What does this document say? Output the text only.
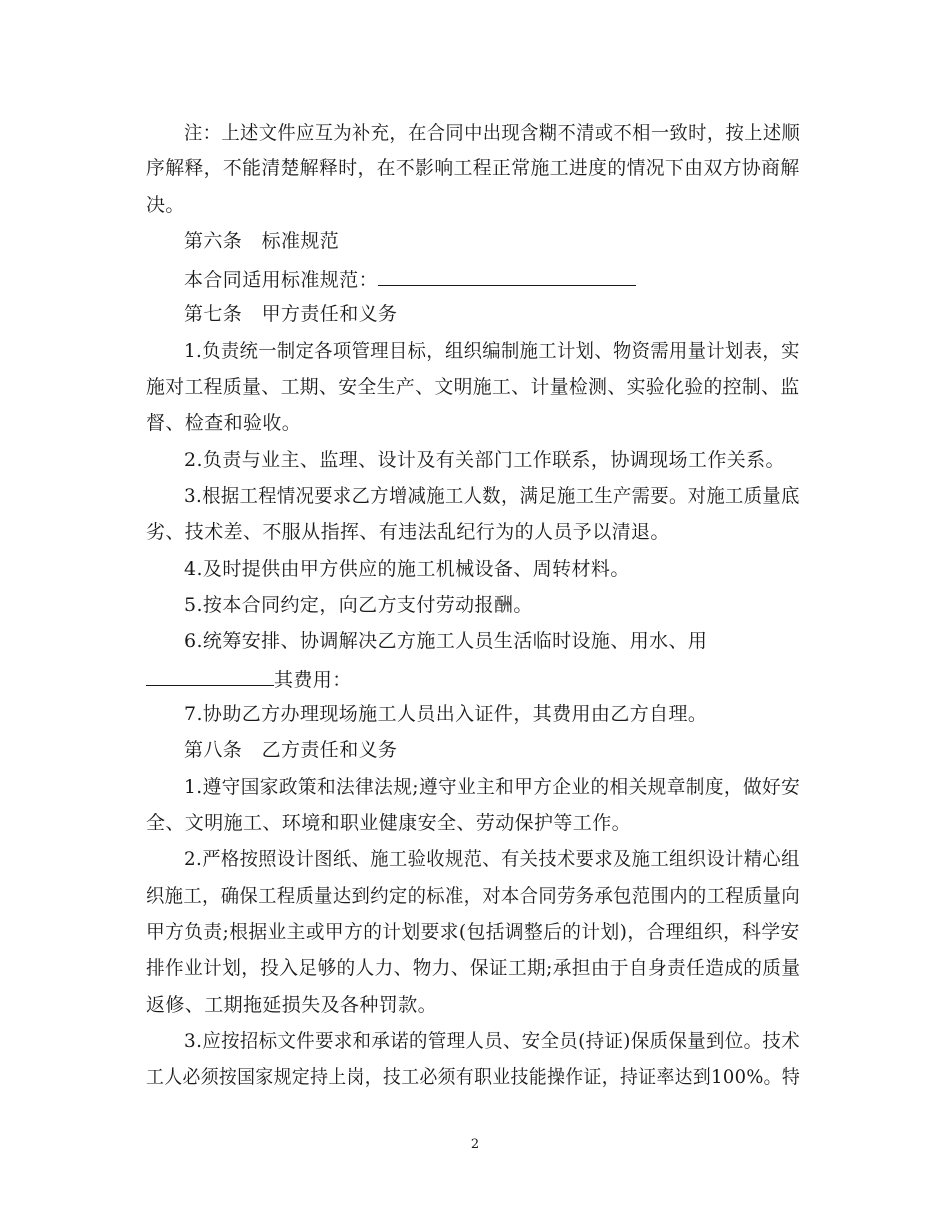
注：上述文件应互为补充，在合同中出现含糊不清或不相一致时，按上述顺
序解释，不能清楚解释时，在不影响工程正常施工进度的情况下由双方协商解
决。
第六条　标准规范
本合同适用标准规范：
第七条　甲方责任和义务
1.负责统一制定各项管理目标，组织编制施工计划、物资需用量计划表，实
施对工程质量、工期、安全生产、文明施工、计量检测、实验化验的控制、监
督、检查和验收。
2.负责与业主、监理、设计及有关部门工作联系，协调现场工作关系。
3.根据工程情况要求乙方增减施工人数，满足施工生产需要。对施工质量底
劣、技术差、不服从指挥、有违法乱纪行为的人员予以清退。
4.及时提供由甲方供应的施工机械设备、周转材料。
5.按本合同约定，向乙方支付劳动报酬。
6.统筹安排、协调解决乙方施工人员生活临时设施、用水、用
其费用：
7.协助乙方办理现场施工人员出入证件，其费用由乙方自理。
第八条　乙方责任和义务
1.遵守国家政策和法律法规;遵守业主和甲方企业的相关规章制度，做好安
全、文明施工、环境和职业健康安全、劳动保护等工作。
2.严格按照设计图纸、施工验收规范、有关技术要求及施工组织设计精心组
织施工，确保工程质量达到约定的标准，对本合同劳务承包范围内的工程质量向
甲方负责;根据业主或甲方的计划要求(包括调整后的计划)，合理组织，科学安
排作业计划，投入足够的人力、物力、保证工期;承担由于自身责任造成的质量
返修、工期拖延损失及各种罚款。
3.应按招标文件要求和承诺的管理人员、安全员(持证)保质保量到位。技术
工人必须按国家规定持上岗，技工必须有职业技能操作证，持证率达到100%。特
2
